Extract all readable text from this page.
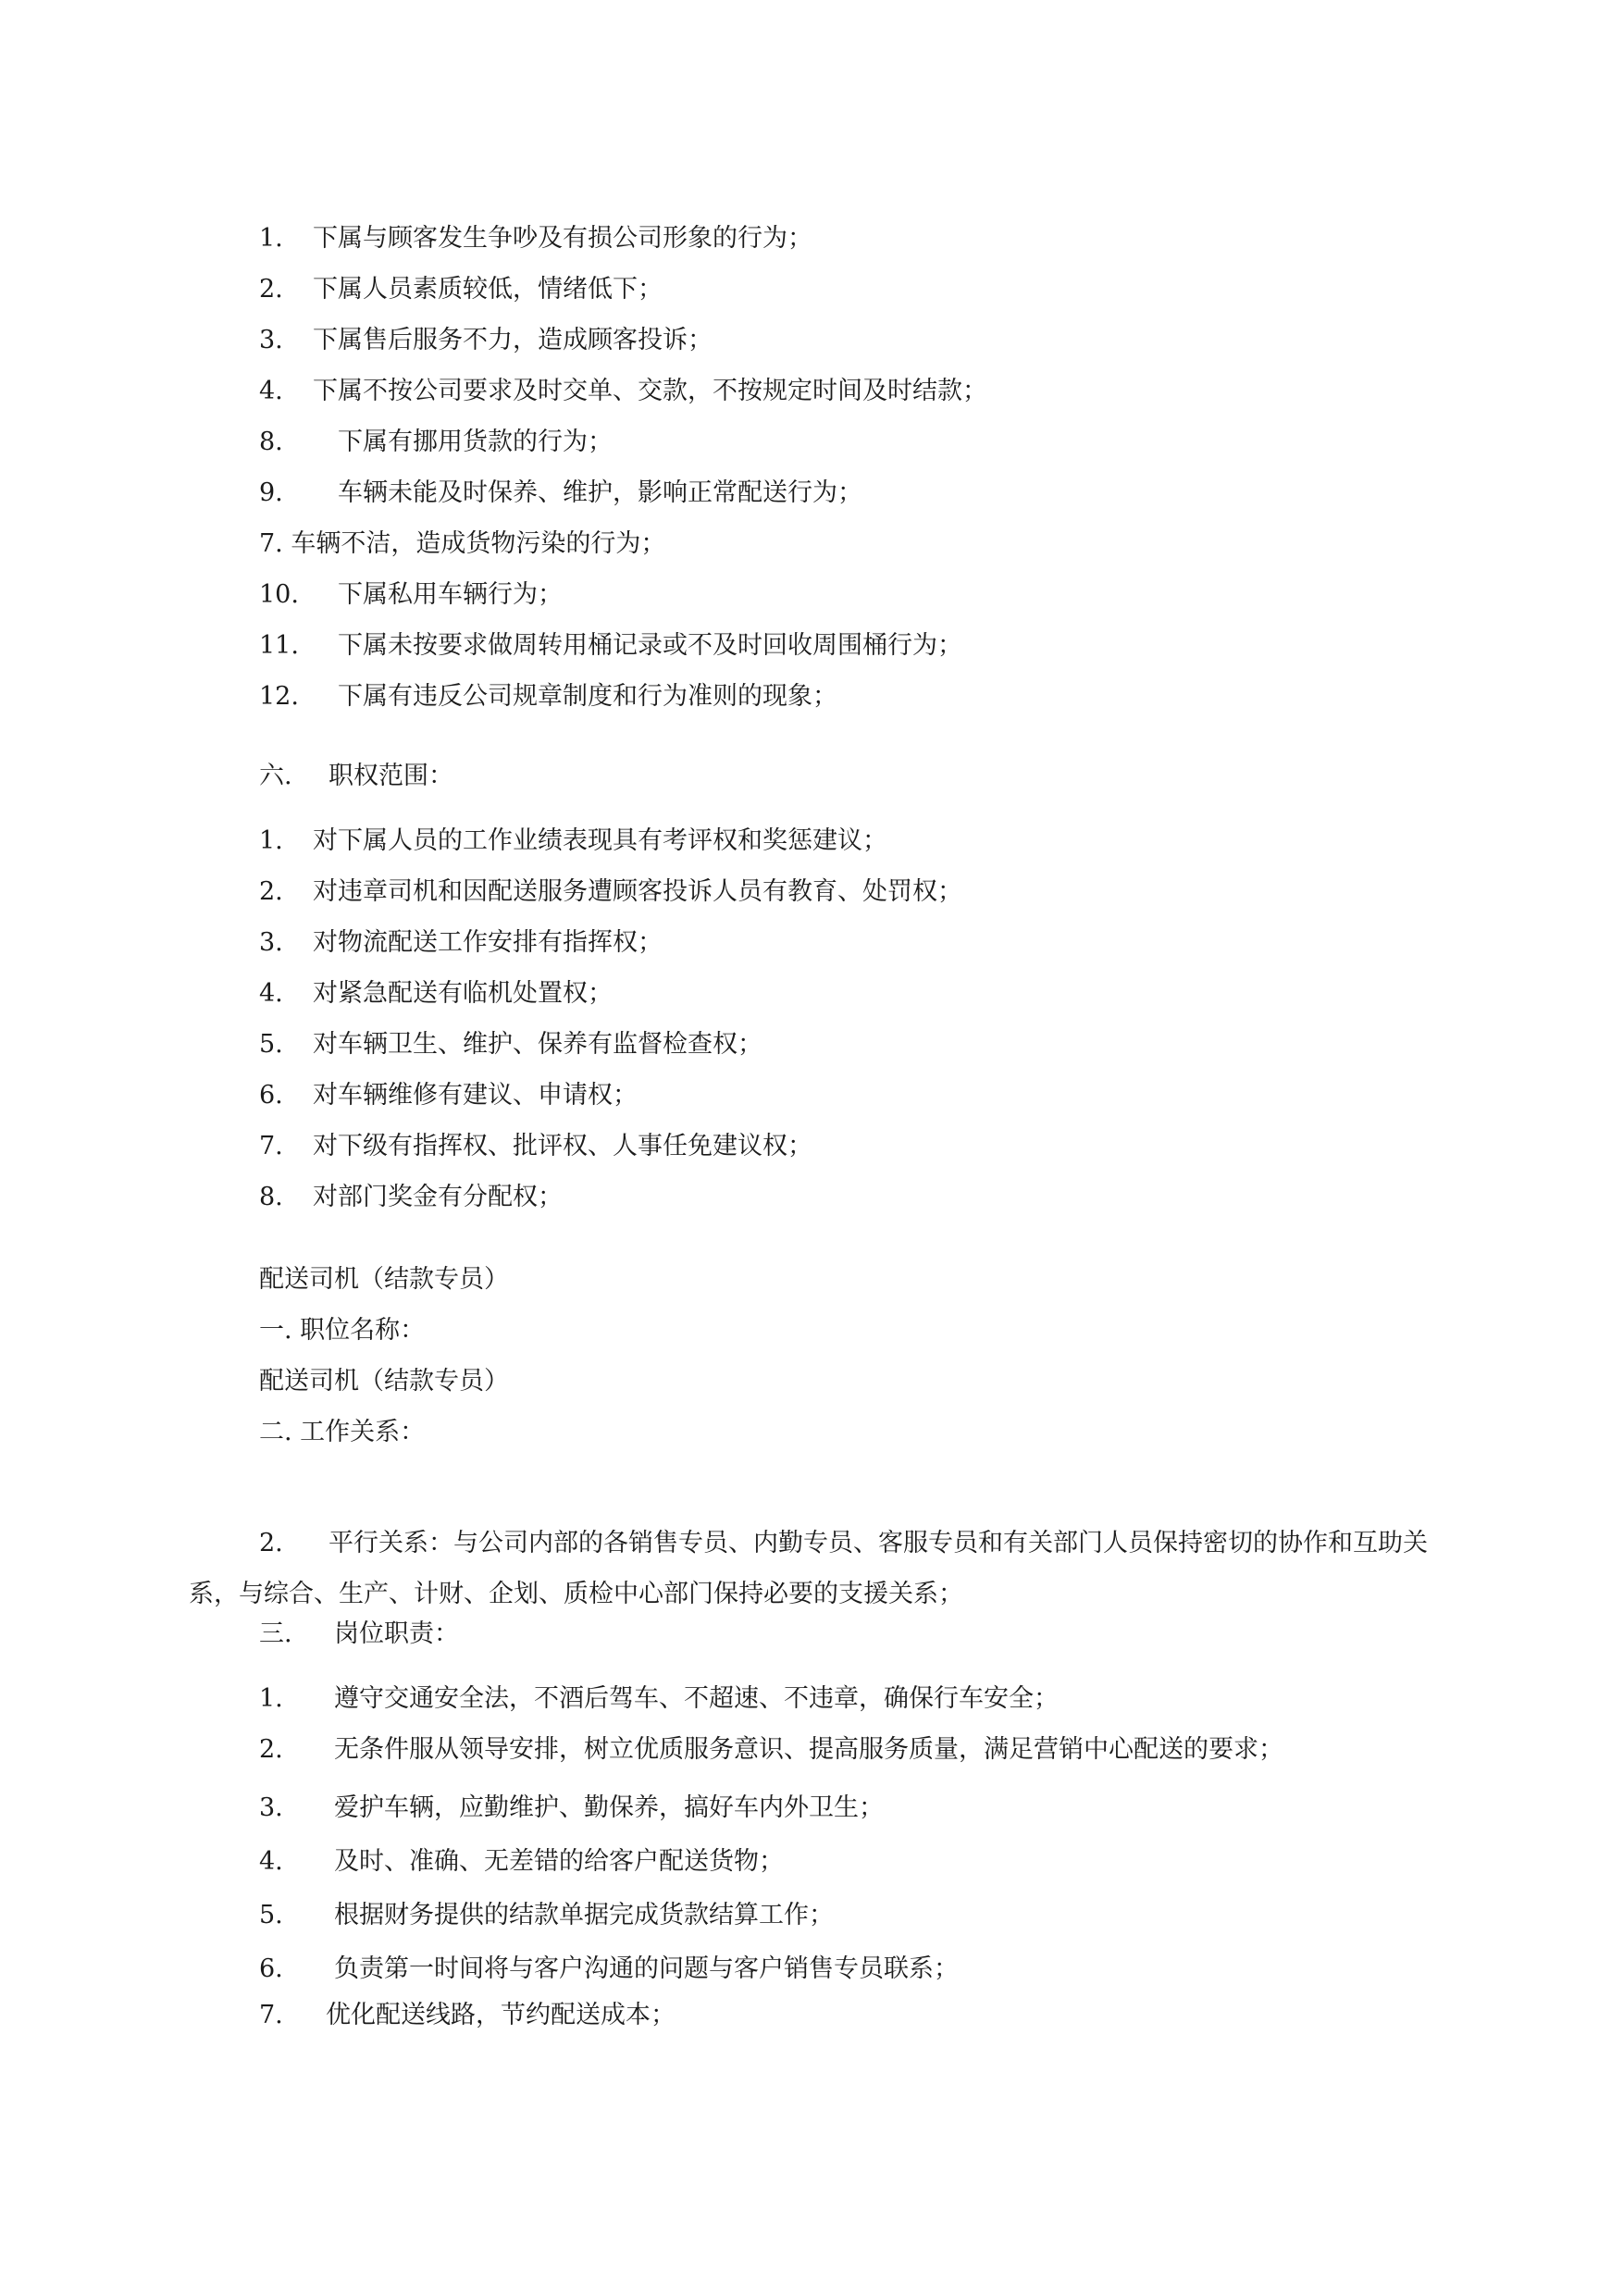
1. 下属与顾客发生争吵及有损公司形象的行为；

2. 下属人员素质较低，情绪低下；

3. 下属售后服务不力，造成顾客投诉；

4. 下属不按公司要求及时交单、交款，不按规定时间及时结款；

8. 下属有挪用货款的行为；

9. 车辆未能及时保养、维护，影响正常配送行为；

7. 车辆不洁，造成货物污染的行为；

10. 下属私用车辆行为；

11. 下属未按要求做周转用桶记录或不及时回收周围桶行为；

12. 下属有违反公司规章制度和行为准则的现象；

六. 职权范围：

1. 对下属人员的工作业绩表现具有考评权和奖惩建议；

2. 对违章司机和因配送服务遭顾客投诉人员有教育、处罚权；

3. 对物流配送工作安排有指挥权；

4. 对紧急配送有临机处置权；

5. 对车辆卫生、维护、保养有监督检查权；

6. 对车辆维修有建议、申请权；

7. 对下级有指挥权、批评权、人事任免建议权；

8. 对部门奖金有分配权；

配送司机（结款专员）

一. 职位名称：

配送司机（结款专员）

二. 工作关系：

2. 平行关系：与公司内部的各销售专员、内勤专员、客服专员和有关部门人员保持密切的协作和互助关系，与综合、生产、计财、企划、质检中心部门保持必要的支援关系；

三. 岗位职责：

1. 遵守交通安全法，不酒后驾车、不超速、不违章，确保行车安全；

2. 无条件服从领导安排，树立优质服务意识、提高服务质量，满足营销中心配送的要求；

3. 爱护车辆，应勤维护、勤保养，搞好车内外卫生；

4. 及时、准确、无差错的给客户配送货物；

5. 根据财务提供的结款单据完成货款结算工作；

6. 负责第一时间将与客户沟通的问题与客户销售专员联系；

7. 优化配送线路，节约配送成本；
